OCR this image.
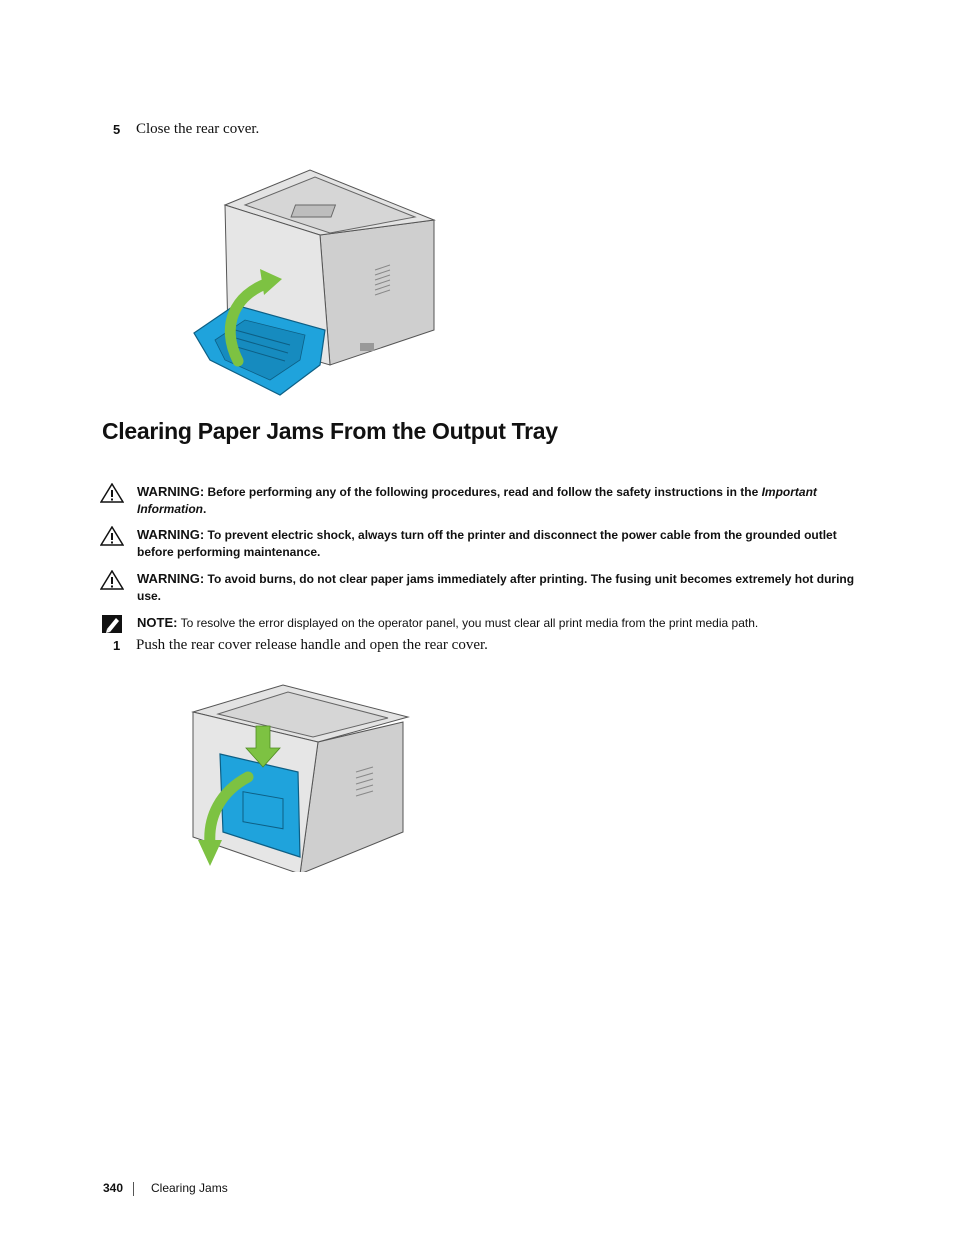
5 Close the rear cover.
Clearing Paper Jams From the Output Tray
WARNING: Before performing any of the following procedures, read and follow the safety instructions in the Important Information.
WARNING: To prevent electric shock, always turn off the printer and disconnect the power cable from the grounded outlet before performing maintenance.
WARNING: To avoid burns, do not clear paper jams immediately after printing. The fusing unit becomes extremely hot during use.
NOTE: To resolve the error displayed on the operator panel, you must clear all print media from the print media path.
1 Push the rear cover release handle and open the rear cover.
340 Clearing Jams
